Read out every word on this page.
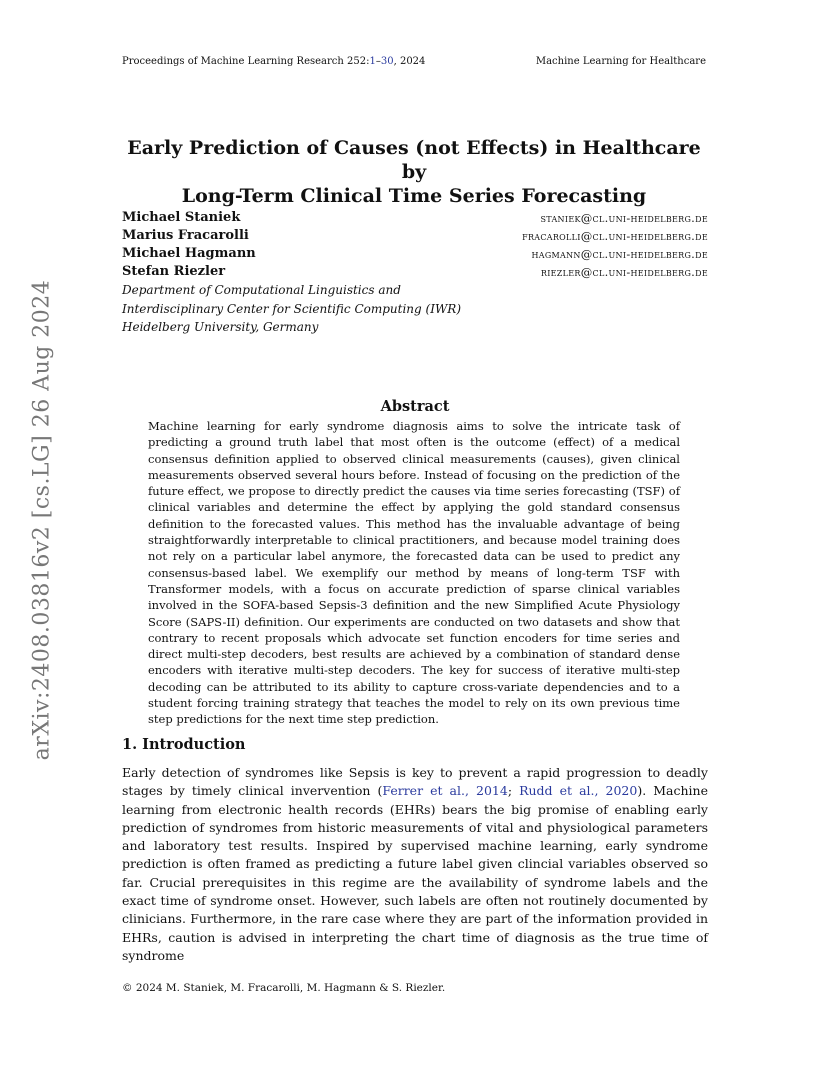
Proceedings of Machine Learning Research 252:1–30, 2024	Machine Learning for Healthcare
arXiv:2408.03816v2 [cs.LG] 26 Aug 2024
Early Prediction of Causes (not Effects) in Healthcare by
Long-Term Clinical Time Series Forecasting
Michael Staniek	staniek@cl.uni-heidelberg.de
Marius Fracarolli	fracarolli@cl.uni-heidelberg.de
Michael Hagmann	hagmann@cl.uni-heidelberg.de
Stefan Riezler	riezler@cl.uni-heidelberg.de
Department of Computational Linguistics and
Interdisciplinary Center for Scientific Computing (IWR)
Heidelberg University, Germany
Abstract
Machine learning for early syndrome diagnosis aims to solve the intricate task of predicting a ground truth label that most often is the outcome (effect) of a medical consensus definition applied to observed clinical measurements (causes), given clinical measurements observed several hours before. Instead of focusing on the prediction of the future effect, we propose to directly predict the causes via time series forecasting (TSF) of clinical variables and determine the effect by applying the gold standard consensus definition to the forecasted values. This method has the invaluable advantage of being straightforwardly interpretable to clinical practitioners, and because model training does not rely on a particular label anymore, the forecasted data can be used to predict any consensus-based label. We exemplify our method by means of long-term TSF with Transformer models, with a focus on accurate prediction of sparse clinical variables involved in the SOFA-based Sepsis-3 definition and the new Simplified Acute Physiology Score (SAPS-II) definition. Our experiments are conducted on two datasets and show that contrary to recent proposals which advocate set function encoders for time series and direct multi-step decoders, best results are achieved by a combination of standard dense encoders with iterative multi-step decoders. The key for success of iterative multi-step decoding can be attributed to its ability to capture cross-variate dependencies and to a student forcing training strategy that teaches the model to rely on its own previous time step predictions for the next time step prediction.
1. Introduction
Early detection of syndromes like Sepsis is key to prevent a rapid progression to deadly stages by timely clinical invervention (Ferrer et al., 2014; Rudd et al., 2020). Machine learning from electronic health records (EHRs) bears the big promise of enabling early prediction of syndromes from historic measurements of vital and physiological parameters and laboratory test results. Inspired by supervised machine learning, early syndrome prediction is often framed as predicting a future label given clincial variables observed so far. Crucial prerequisites in this regime are the availability of syndrome labels and the exact time of syndrome onset. However, such labels are often not routinely documented by clinicians. Furthermore, in the rare case where they are part of the information provided in EHRs, caution is advised in interpreting the chart time of diagnosis as the true time of syndrome
© 2024 M. Staniek, M. Fracarolli, M. Hagmann & S. Riezler.
